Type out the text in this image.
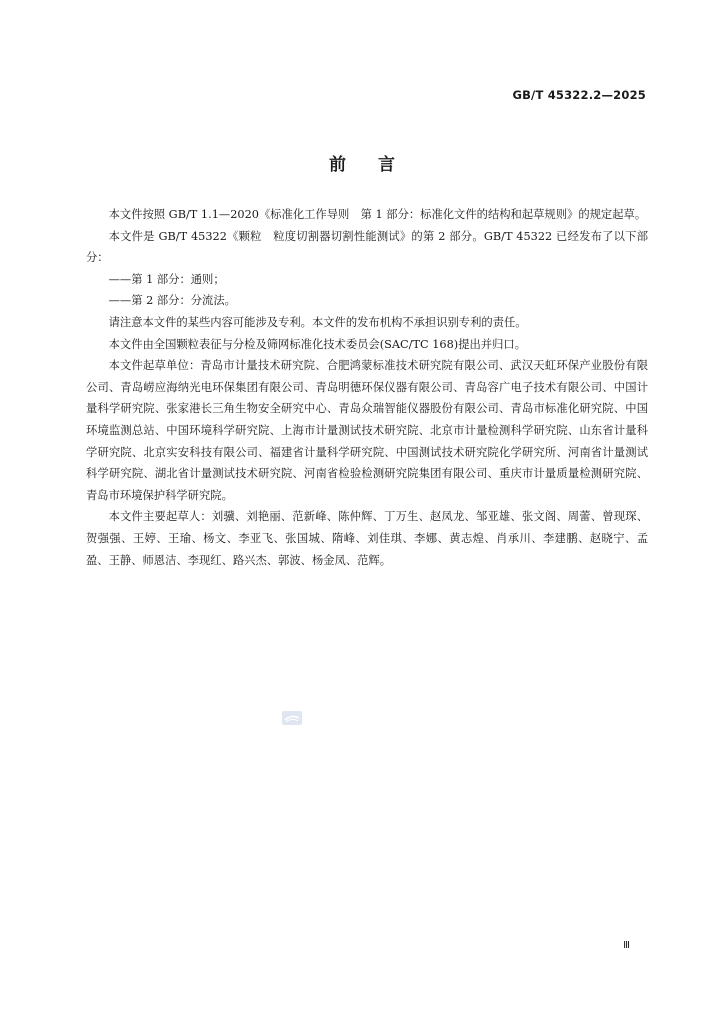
GB/T 45322.2—2025
前言

本文件按照 GB/T 1.1—2020《标准化工作导则　第 1 部分：标准化文件的结构和起草规则》的规定起草。

本文件是 GB/T 45322《颗粒　粒度切割器切割性能测试》的第 2 部分。GB/T 45322 已经发布了以下部分：

——第 1 部分：通则；

——第 2 部分：分流法。

请注意本文件的某些内容可能涉及专利。本文件的发布机构不承担识别专利的责任。

本文件由全国颗粒表征与分检及筛网标准化技术委员会(SAC/TC 168)提出并归口。

本文件起草单位：青岛市计量技术研究院、合肥鸿蒙标准技术研究院有限公司、武汉天虹环保产业股份有限公司、青岛崂应海纳光电环保集团有限公司、青岛明德环保仪器有限公司、青岛容广电子技术有限公司、中国计量科学研究院、张家港长三角生物安全研究中心、青岛众瑞智能仪器股份有限公司、青岛市标准化研究院、中国环境监测总站、中国环境科学研究院、上海市计量测试技术研究院、北京市计量检测科学研究院、山东省计量科学研究院、北京实安科技有限公司、福建省计量科学研究院、中国测试技术研究院化学研究所、河南省计量测试科学研究院、湖北省计量测试技术研究院、河南省检验检测研究院集团有限公司、重庆市计量质量检测研究院、青岛市环境保护科学研究院。

本文件主要起草人：刘骥、刘艳丽、范新峰、陈仲辉、丁万生、赵凤龙、邹亚雄、张文阁、周蕾、曾现琛、贺强强、王婷、王瑜、杨文、李亚飞、张国城、隋峰、刘佳琪、李娜、黄志煌、肖承川、李建鹏、赵晓宁、孟盈、王静、师恩洁、李现红、路兴杰、郭波、杨金凤、范辉。

Ⅲ
